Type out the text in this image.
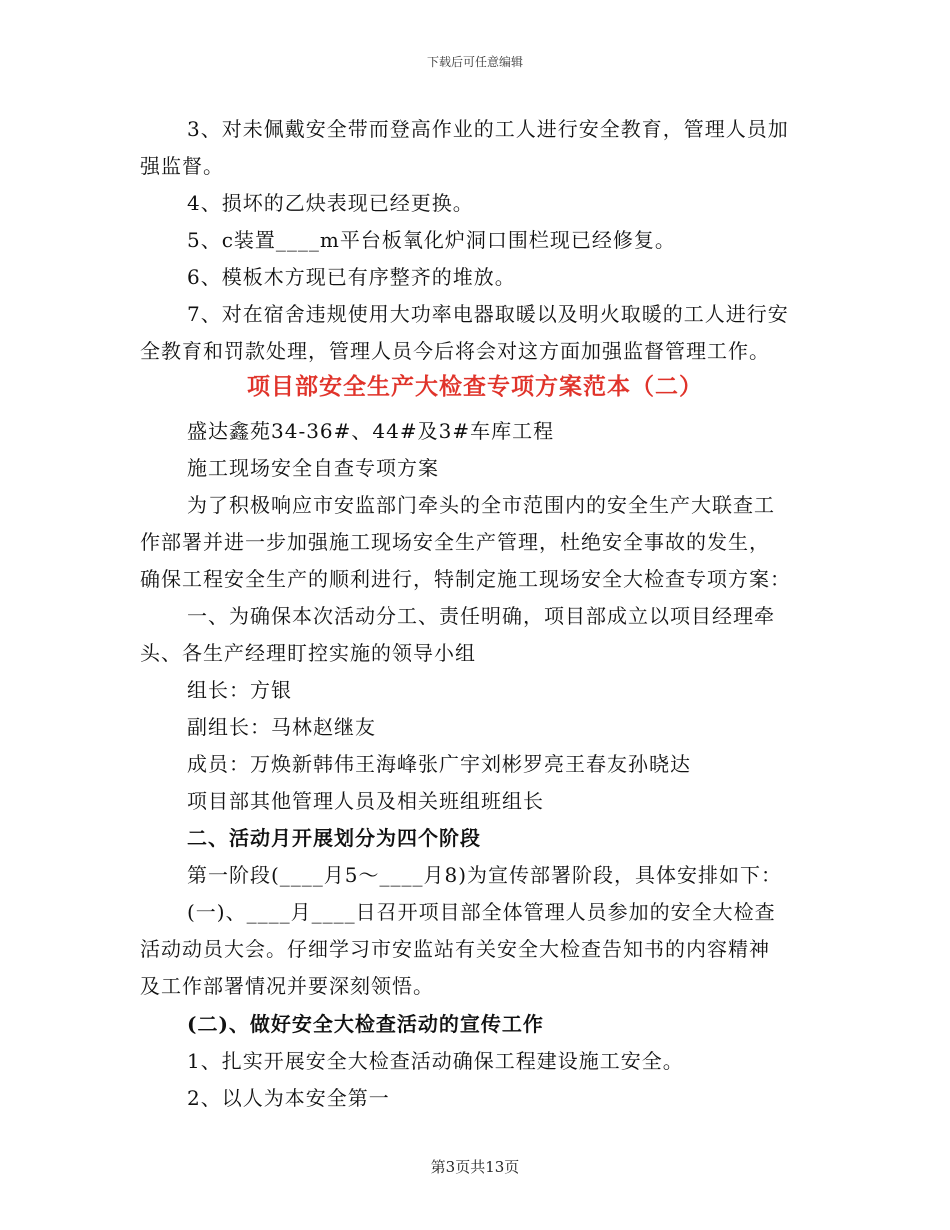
下载后可任意编辑
3、对未佩戴安全带而登高作业的工人进行安全教育，管理人员加
强监督。
4、损坏的乙炔表现已经更换。
5、c装置____m平台板氧化炉洞口围栏现已经修复。
6、模板木方现已有序整齐的堆放。
7、对在宿舍违规使用大功率电器取暖以及明火取暖的工人进行安
全教育和罚款处理，管理人员今后将会对这方面加强监督管理工作。
项目部安全生产大检查专项方案范本（二）
盛达鑫苑34-36#、44#及3#车库工程
施工现场安全自查专项方案
为了积极响应市安监部门牵头的全市范围内的安全生产大联查工
作部署并进一步加强施工现场安全生产管理，杜绝安全事故的发生，
确保工程安全生产的顺利进行，特制定施工现场安全大检查专项方案：
一、为确保本次活动分工、责任明确，项目部成立以项目经理牵
头、各生产经理盯控实施的领导小组
组长：方银
副组长：马林赵继友
成员：万焕新韩伟王海峰张广宇刘彬罗亮王春友孙晓达
项目部其他管理人员及相关班组班组长
二、活动月开展划分为四个阶段
第一阶段(____月5～____月8)为宣传部署阶段，具体安排如下：
(一)、____月____日召开项目部全体管理人员参加的安全大检查
活动动员大会。仔细学习市安监站有关安全大检查告知书的内容精神
及工作部署情况并要深刻领悟。
(二)、做好安全大检查活动的宣传工作
1、扎实开展安全大检查活动确保工程建设施工安全。
2、以人为本安全第一
第3页共13页
